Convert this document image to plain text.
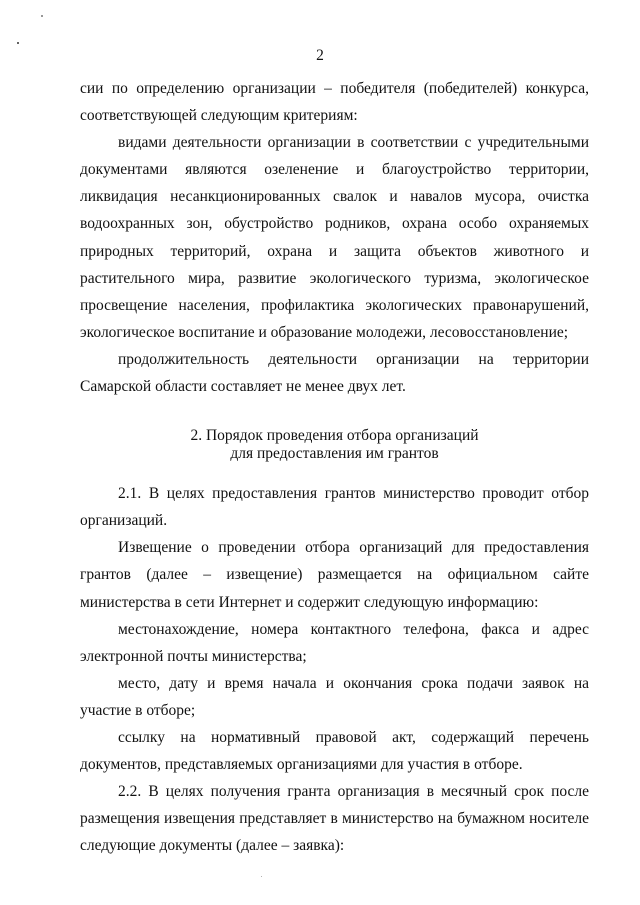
2

сии по определению организации – победителя (победителей) конкурса, соответствующей следующим критериям:

видами деятельности организации в соответствии с учредительными документами являются озеленение и благоустройство территории, ликвидация несанкционированных свалок и навалов мусора, очистка водоохранных зон, обустройство родников, охрана особо охраняемых природных территорий, охрана и защита объектов животного и растительного мира, развитие экологического туризма, экологическое просвещение населения, профилактика экологических правонарушений, экологическое воспитание и образование молодежи, лесовосстановление;

продолжительность деятельности организации на территории Самарской области составляет не менее двух лет.

2. Порядок проведения отбора организаций
для предоставления им грантов

2.1. В целях предоставления грантов министерство проводит отбор организаций.

Извещение о проведении отбора организаций для предоставления грантов (далее – извещение) размещается на официальном сайте министерства в сети Интернет и содержит следующую информацию:

местонахождение, номера контактного телефона, факса и адрес электронной почты министерства;

место, дату и время начала и окончания срока подачи заявок на участие в отборе;

ссылку на нормативный правовой акт, содержащий перечень документов, представляемых организациями для участия в отборе.

2.2. В целях получения гранта организация в месячный срок после размещения извещения представляет в министерство на бумажном носителе следующие документы (далее – заявка):
